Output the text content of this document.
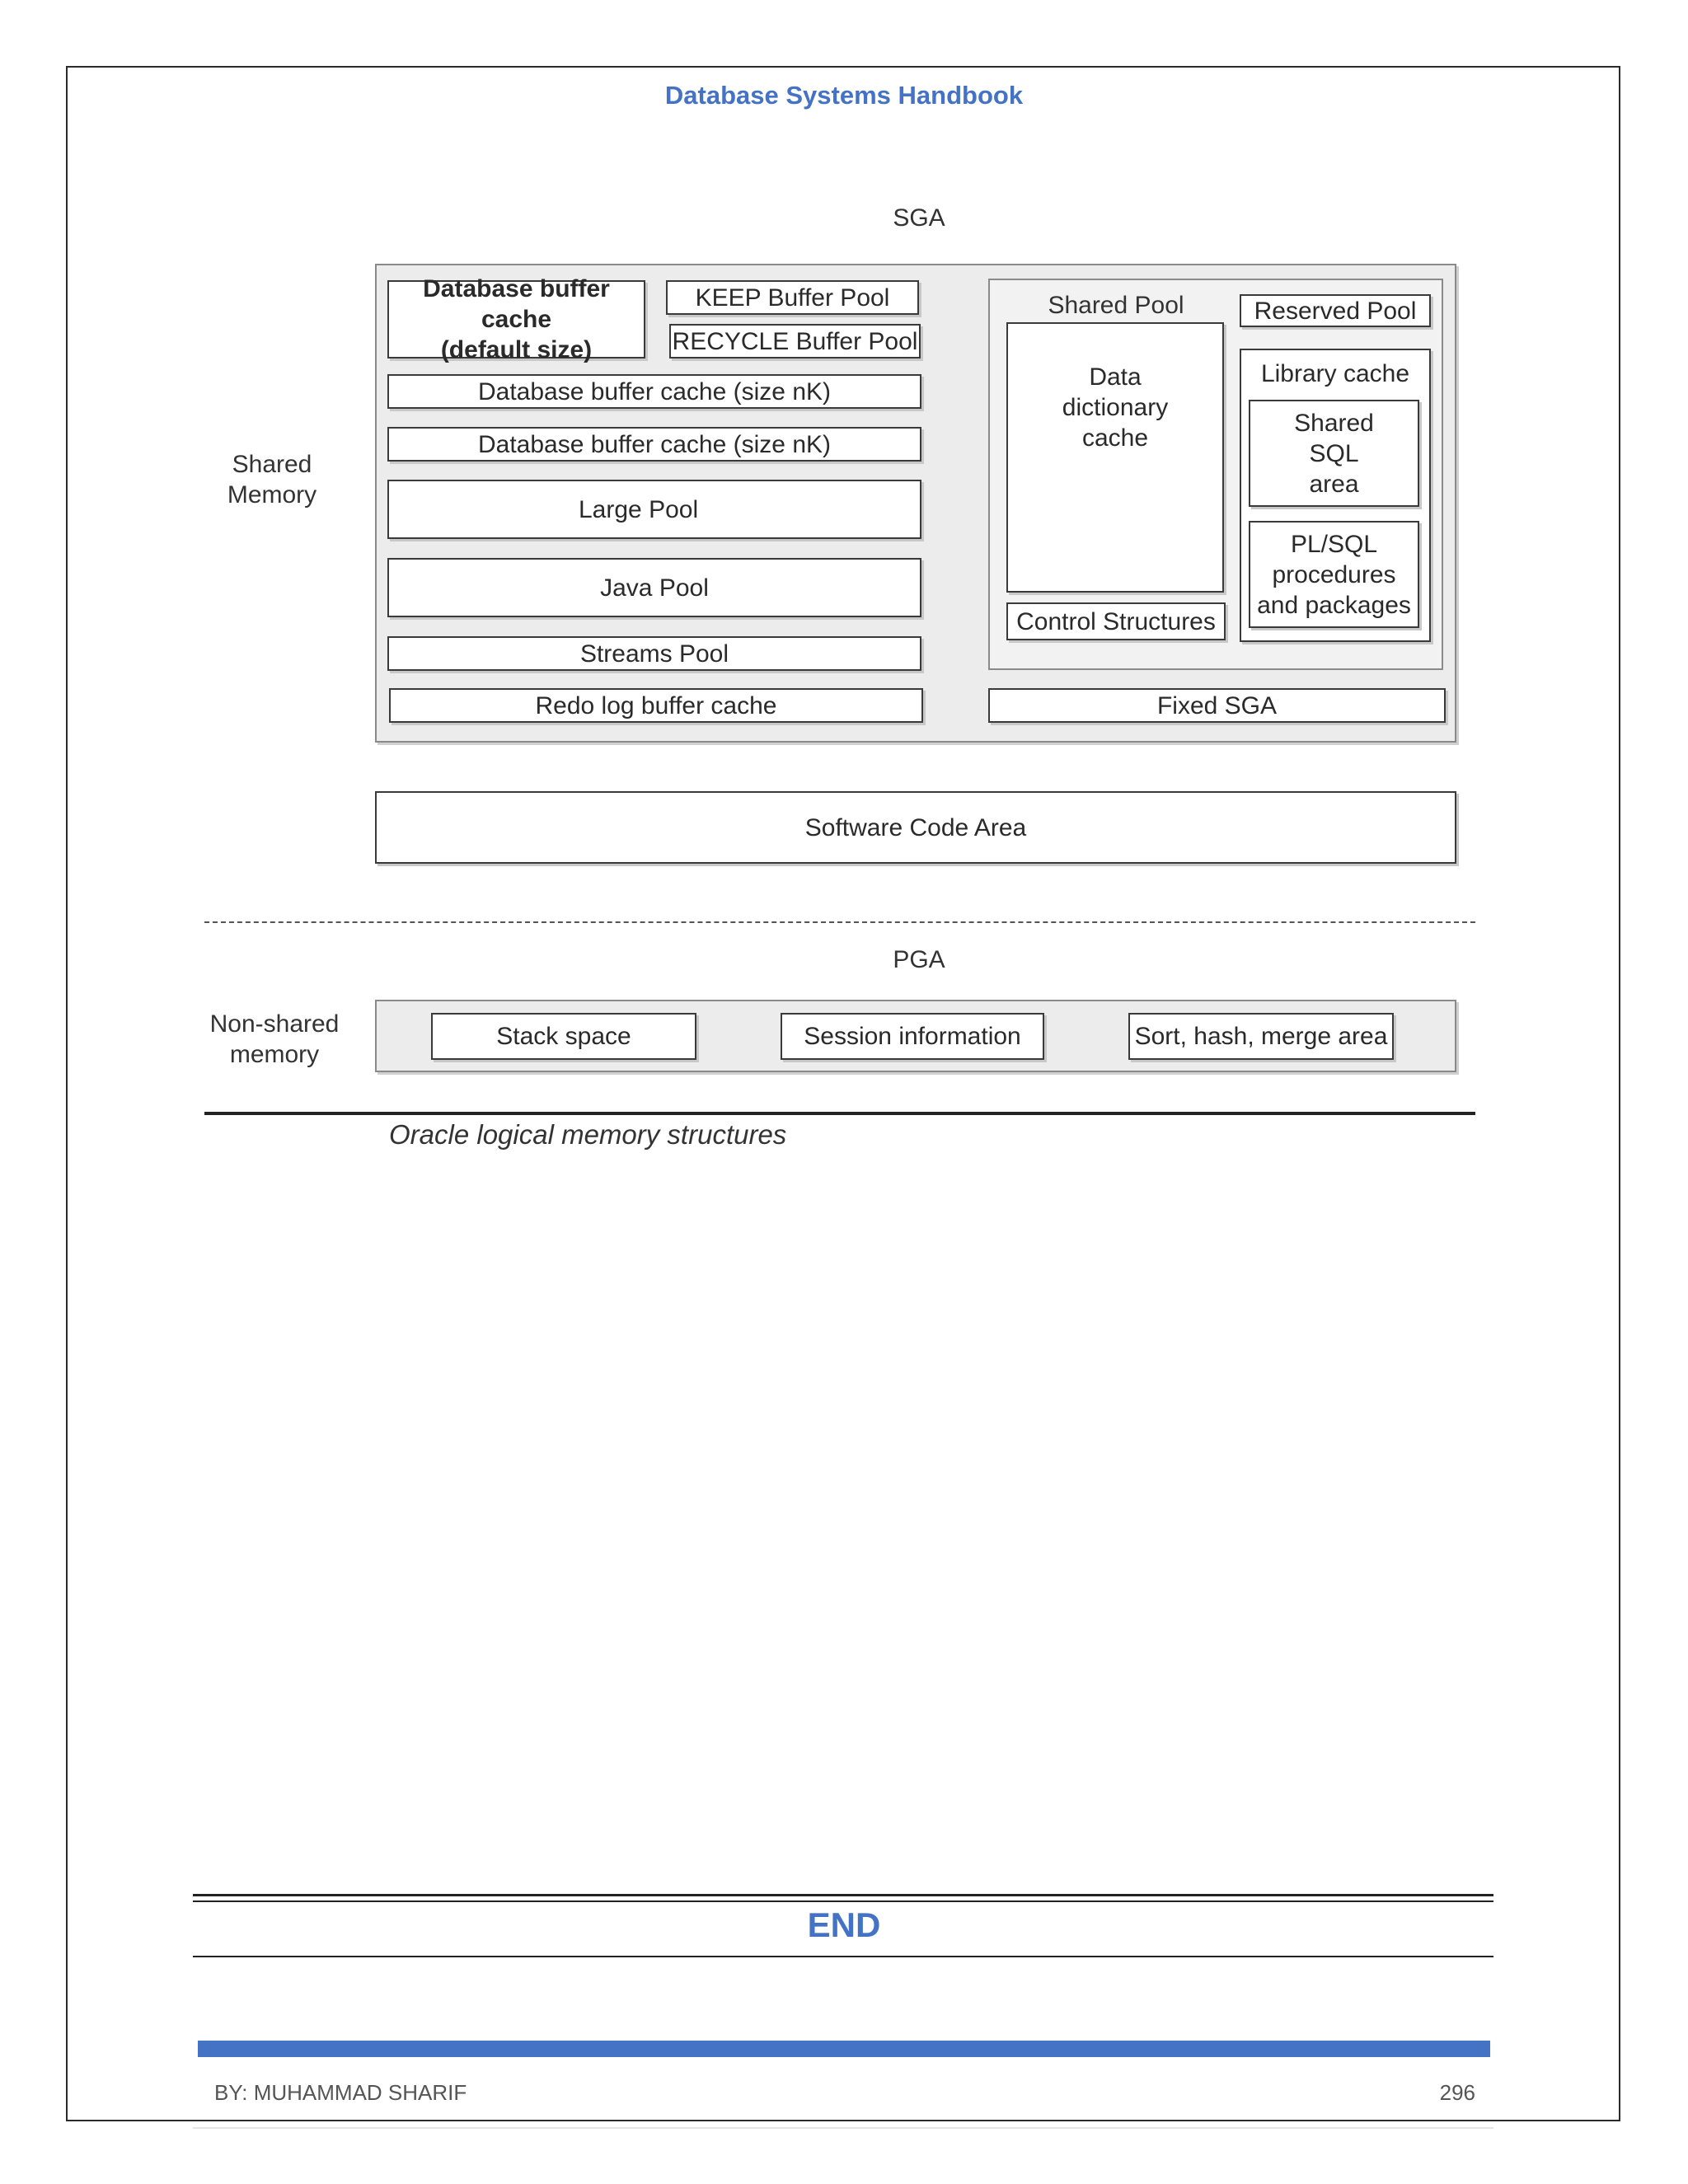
Database Systems Handbook
SGA
Shared
Memory
Database buffer cache
(default size)
KEEP Buffer Pool
RECYCLE Buffer Pool
Database buffer cache (size nK)
Database buffer cache (size nK)
Large Pool
Java Pool
Streams Pool
Redo log buffer cache
Shared Pool	Reserved Pool
Data
dictionary
cache
Control Structures
Library cache
Shared
SQL
area
PL/SQL
procedures
and packages
Fixed SGA
Software Code Area
PGA
Non-shared
memory
Stack space	Session information	Sort, hash, merge area
Oracle logical memory structures
END
BY: MUHAMMAD SHARIF	296
